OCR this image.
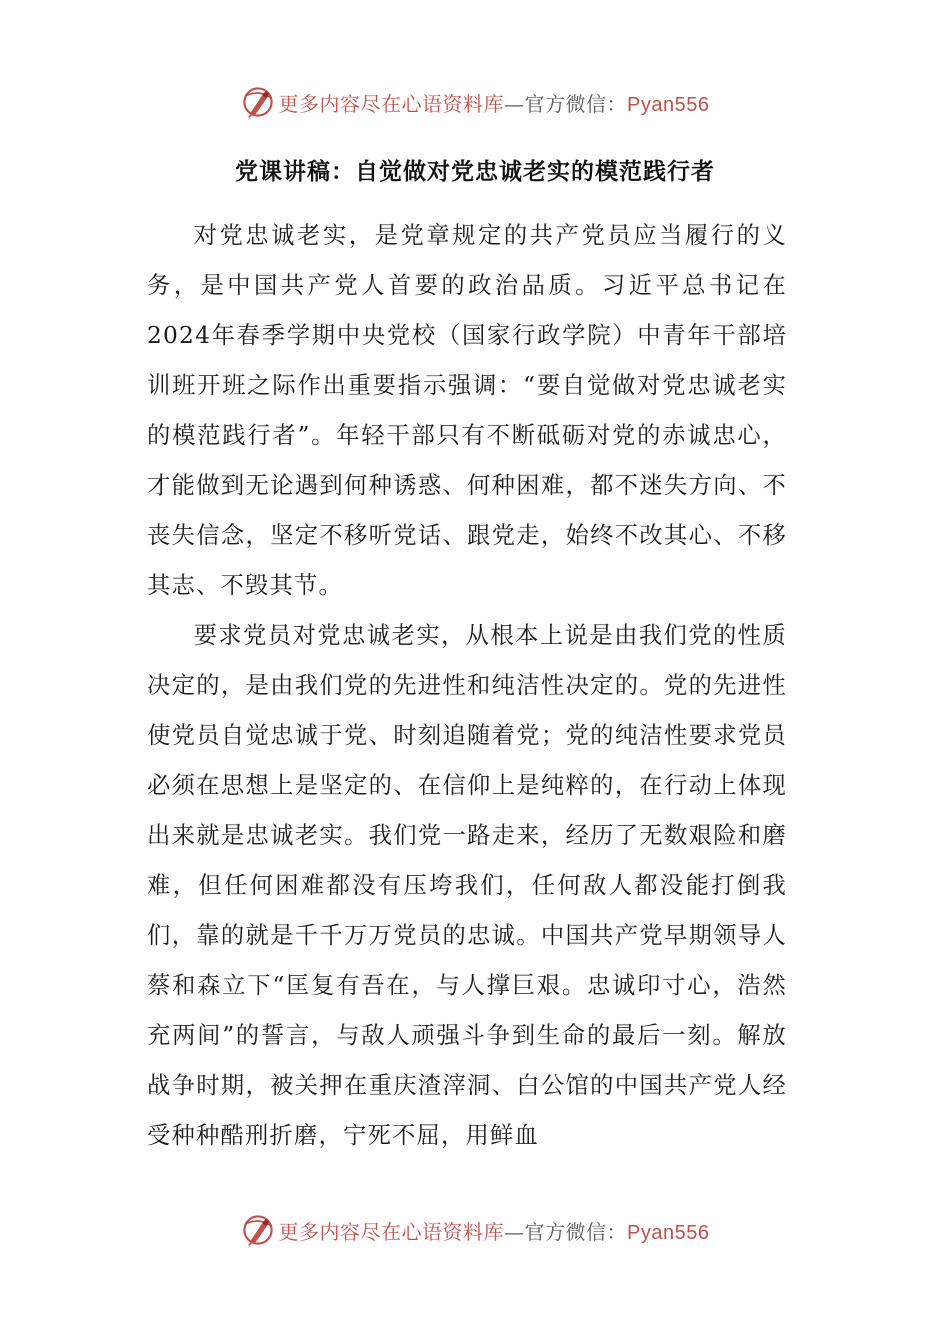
更多内容尽在心语资料库—官方微信：Pyan556
党课讲稿：自觉做对党忠诚老实的模范践行者

对党忠诚老实，是党章规定的共产党员应当履行的义务，是中国共产党人首要的政治品质。习近平总书记在2024年春季学期中央党校（国家行政学院）中青年干部培训班开班之际作出重要指示强调：“要自觉做对党忠诚老实的模范践行者”。年轻干部只有不断砥砺对党的赤诚忠心，才能做到无论遇到何种诱惑、何种困难，都不迷失方向、不丧失信念，坚定不移听党话、跟党走，始终不改其心、不移其志、不毁其节。

要求党员对党忠诚老实，从根本上说是由我们党的性质决定的，是由我们党的先进性和纯洁性决定的。党的先进性使党员自觉忠诚于党、时刻追随着党；党的纯洁性要求党员必须在思想上是坚定的、在信仰上是纯粹的，在行动上体现出来就是忠诚老实。我们党一路走来，经历了无数艰险和磨难，但任何困难都没有压垮我们，任何敌人都没能打倒我们，靠的就是千千万万党员的忠诚。中国共产党早期领导人蔡和森立下“匡复有吾在，与人撑巨艰。忠诚印寸心，浩然充两间”的誓言，与敌人顽强斗争到生命的最后一刻。解放战争时期，被关押在重庆渣滓洞、白公馆的中国共产党人经受种种酷刑折磨，宁死不屈，用鲜血

更多内容尽在心语资料库—官方微信：Pyan556
